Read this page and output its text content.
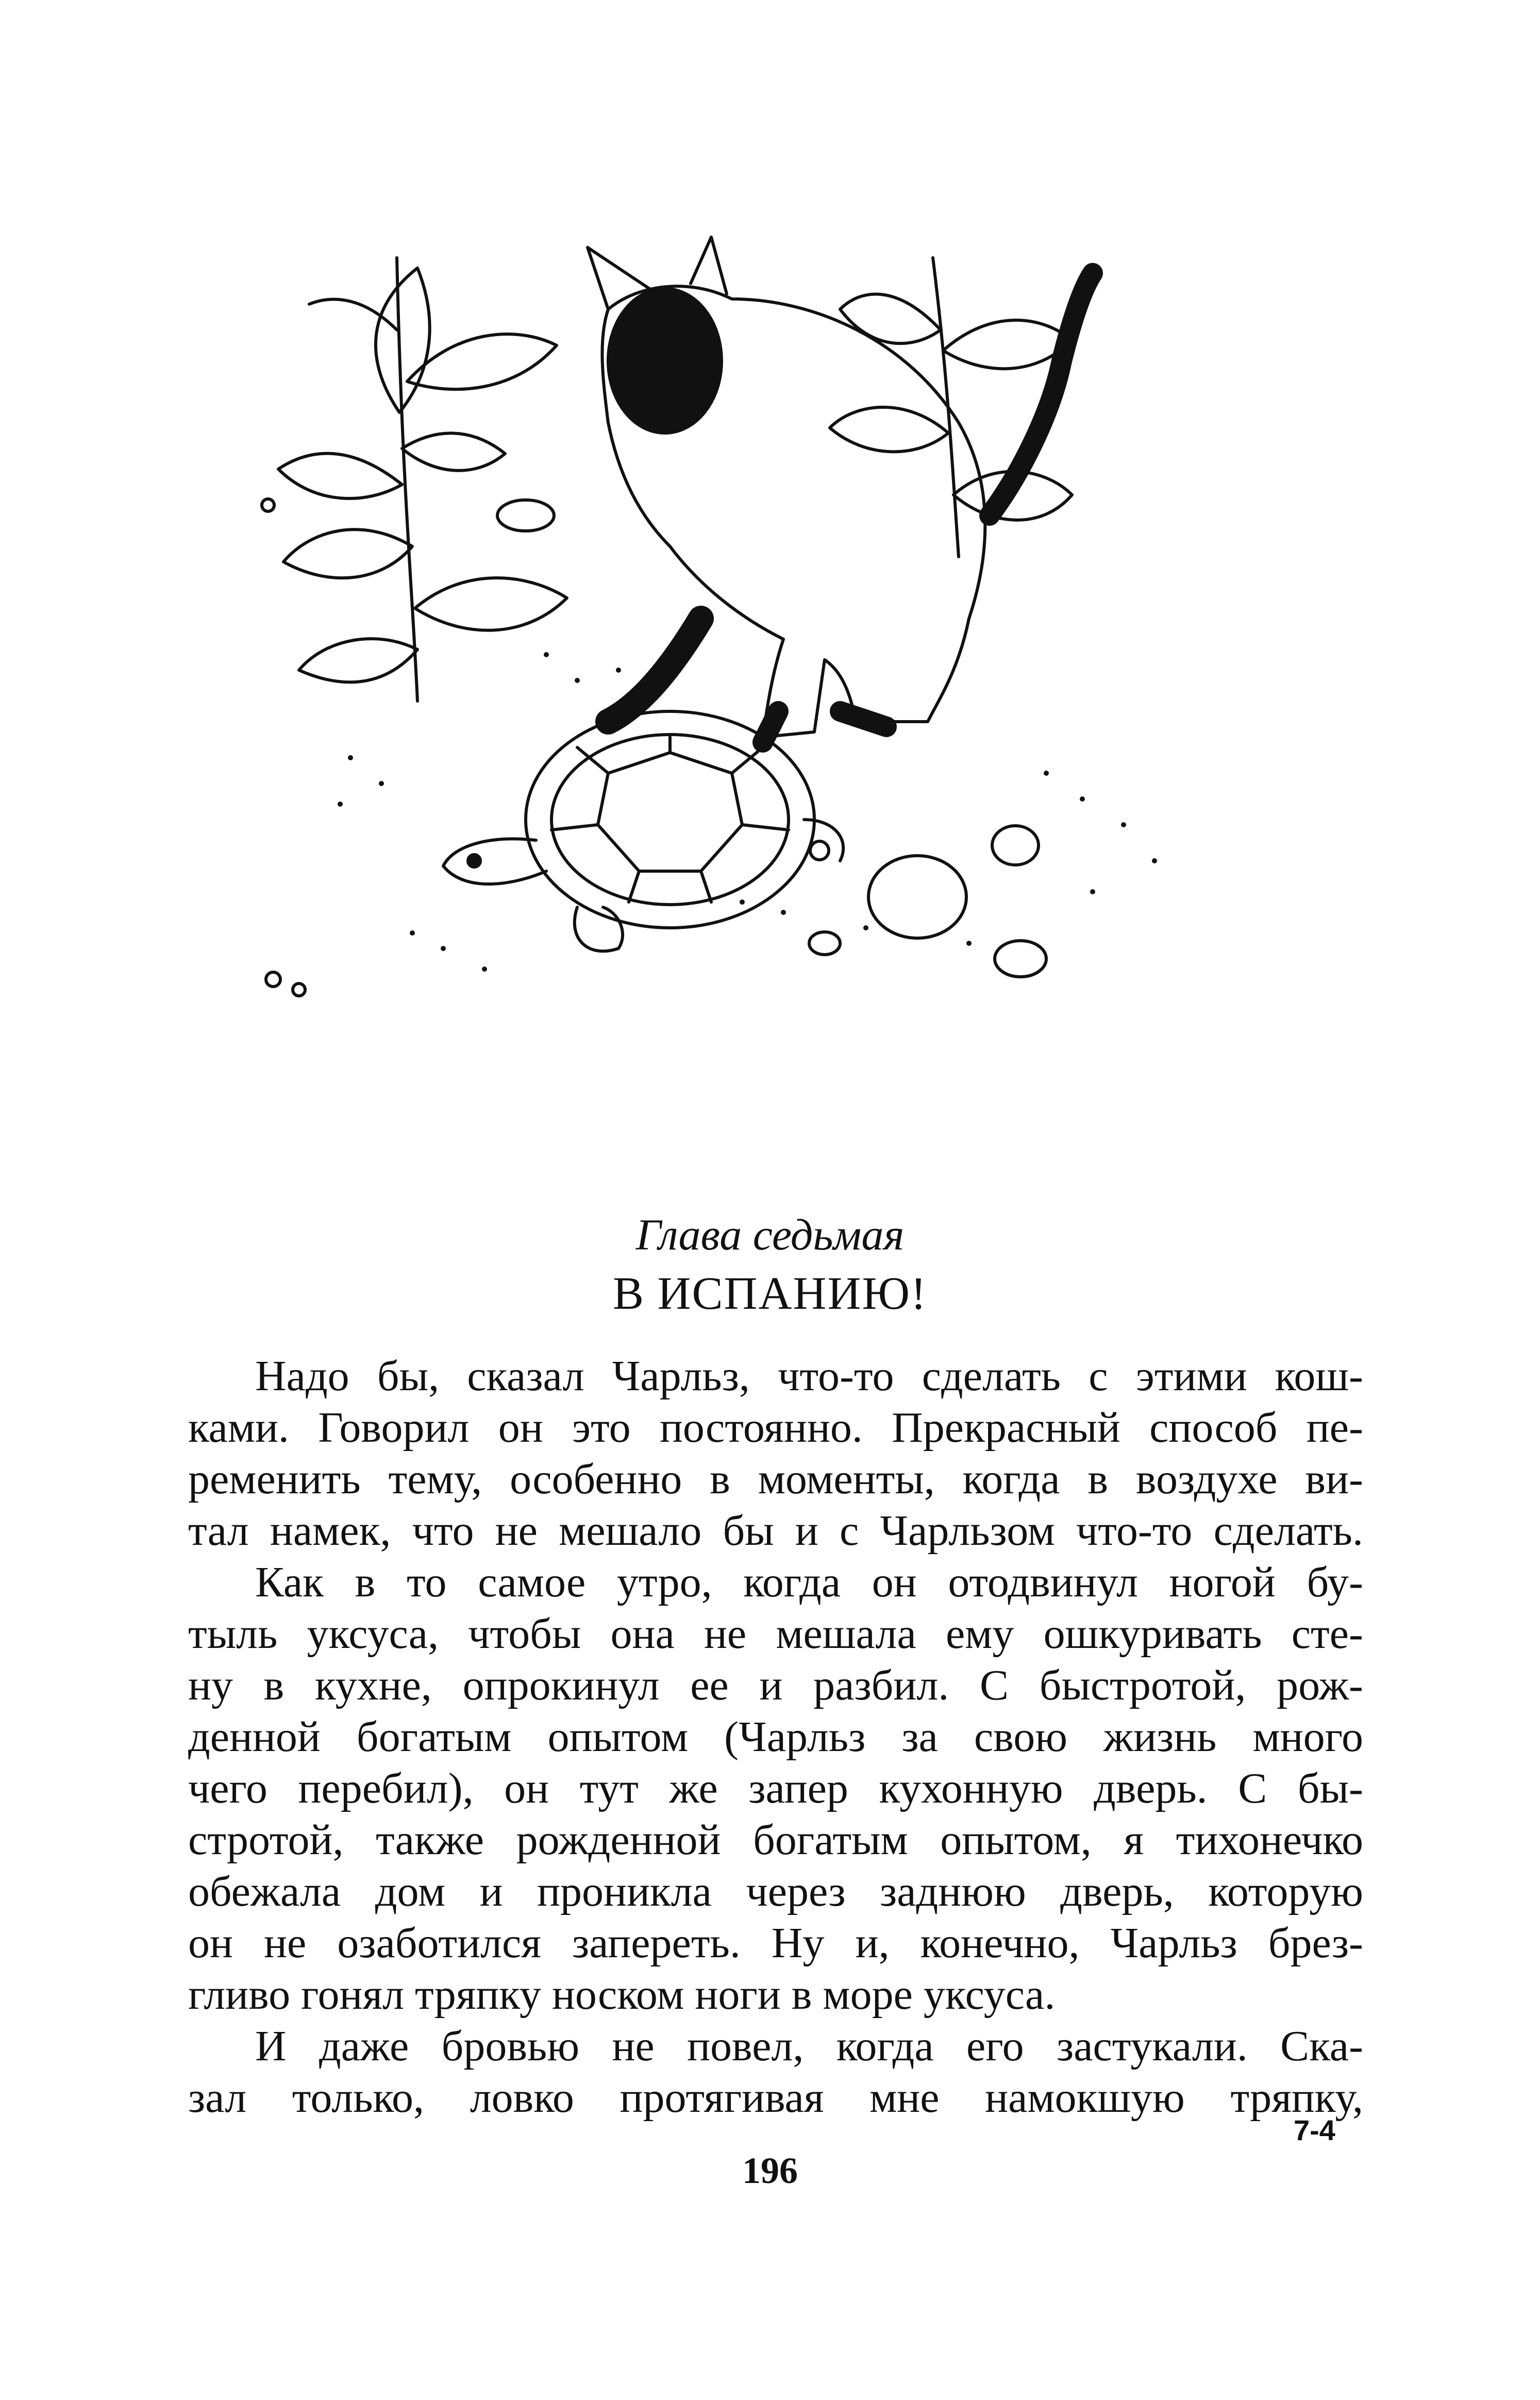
Глава седьмая
В ИСПАНИЮ!
Надо бы, сказал Чарльз, что-то сделать с этими кош-
ками. Говорил он это постоянно. Прекрасный способ пе-
ременить тему, особенно в моменты, когда в воздухе ви-
тал намек, что не мешало бы и с Чарльзом что-то сделать.
Как в то самое утро, когда он отодвинул ногой бу-
тыль уксуса, чтобы она не мешала ему ошкуривать сте-
ну в кухне, опрокинул ее и разбил. С быстротой, рож-
денной богатым опытом (Чарльз за свою жизнь много
чего перебил), он тут же запер кухонную дверь. С бы-
стротой, также рожденной богатым опытом, я тихонечко
обежала дом и проникла через заднюю дверь, которую
он не озаботился запереть. Ну и, конечно, Чарльз брез-
гливо гонял тряпку носком ноги в море уксуса.
И даже бровью не повел, когда его застукали. Ска-
зал только, ловко протягивая мне намокшую тряпку,
7-4
196
